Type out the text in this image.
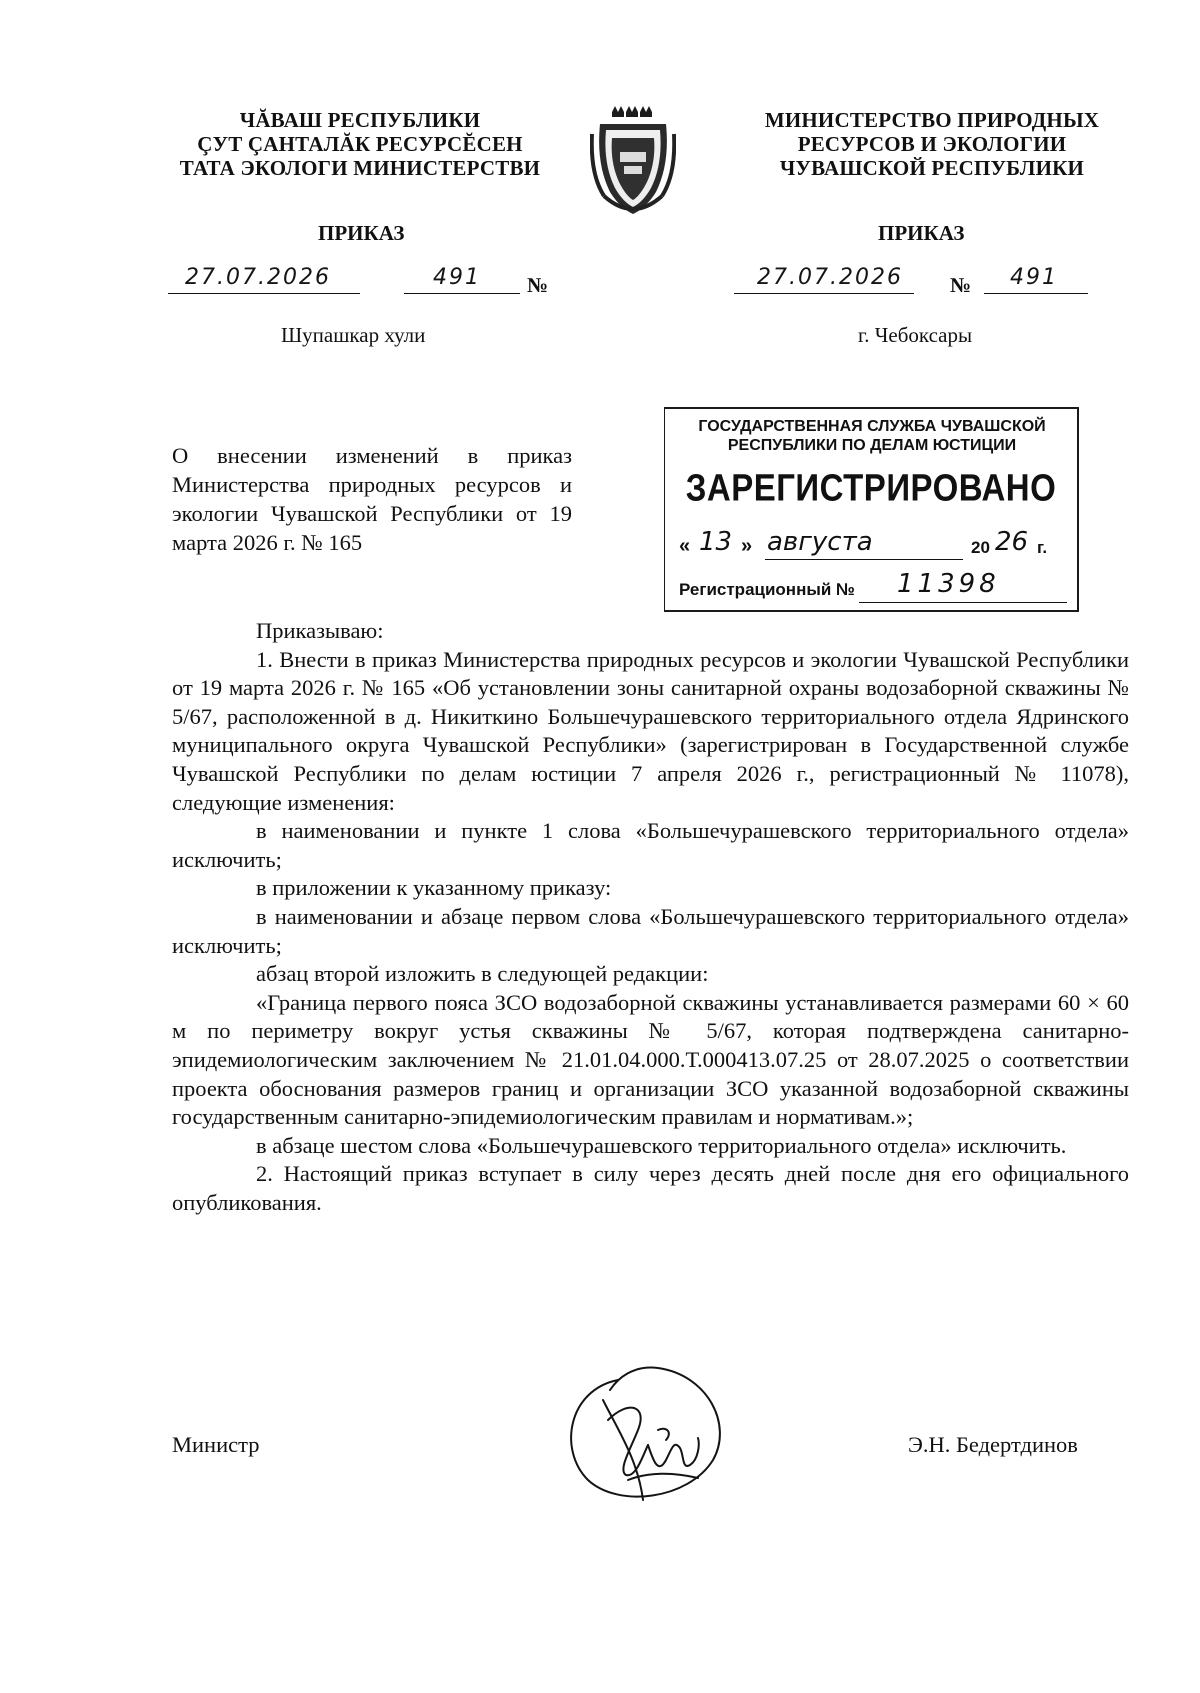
ЧĂВАШ РЕСПУБЛИКИ
ÇУТ ÇАНТАЛĂК РЕСУРСĔСЕН
ТАТА ЭКОЛОГИ МИНИСТЕРСТВИ
МИНИСТЕРСТВО ПРИРОДНЫХ
РЕСУРСОВ И ЭКОЛОГИИ
ЧУВАШСКОЙ РЕСПУБЛИКИ
ПРИКАЗ	ПРИКАЗ
27.07.2026	491 №	27.07.2026 № 491
Шупашкар хули	г. Чебоксары

О внесении изменений в приказ Министерства природных ресурсов и экологии Чувашской Республики от 19 марта 2026 г. № 165

ГОСУДАРСТВЕННАЯ СЛУЖБА ЧУВАШСКОЙ
РЕСПУБЛИКИ ПО ДЕЛАМ ЮСТИЦИИ
ЗАРЕГИСТРИРОВАНО
« 13 » августа	20 26 г.
Регистрационный № 11398

Приказываю:

1. Внести в приказ Министерства природных ресурсов и экологии Чувашской Республики от 19 марта 2026 г. № 165 «Об установлении зоны санитарной охраны водозаборной скважины № 5/67, расположенной в д. Никиткино Большечурашевского территориального отдела Ядринского муниципального округа Чувашской Республики» (зарегистрирован в Государственной службе Чувашской Республики по делам юстиции 7 апреля 2026 г., регистрационный № 11078), следующие изменения:

в наименовании и пункте 1 слова «Большечурашевского территориального отдела» исключить;

в приложении к указанному приказу:

в наименовании и абзаце первом слова «Большечурашевского территориального отдела» исключить;

абзац второй изложить в следующей редакции:

«Граница первого пояса ЗСО водозаборной скважины устанавливается размерами 60 × 60 м по периметру вокруг устья скважины № 5/67, которая подтверждена санитарно-эпидемиологическим заключением № 21.01.04.000.Т.000413.07.25 от 28.07.2025 о соответствии проекта обоснования размеров границ и организации ЗСО указанной водозаборной скважины государственным санитарно-эпидемиологическим правилам и нормативам.»;

в абзаце шестом слова «Большечурашевского территориального отдела» исключить.

2. Настоящий приказ вступает в силу через десять дней после дня его официального опубликования.

Министр	Э.Н. Бедертдинов
